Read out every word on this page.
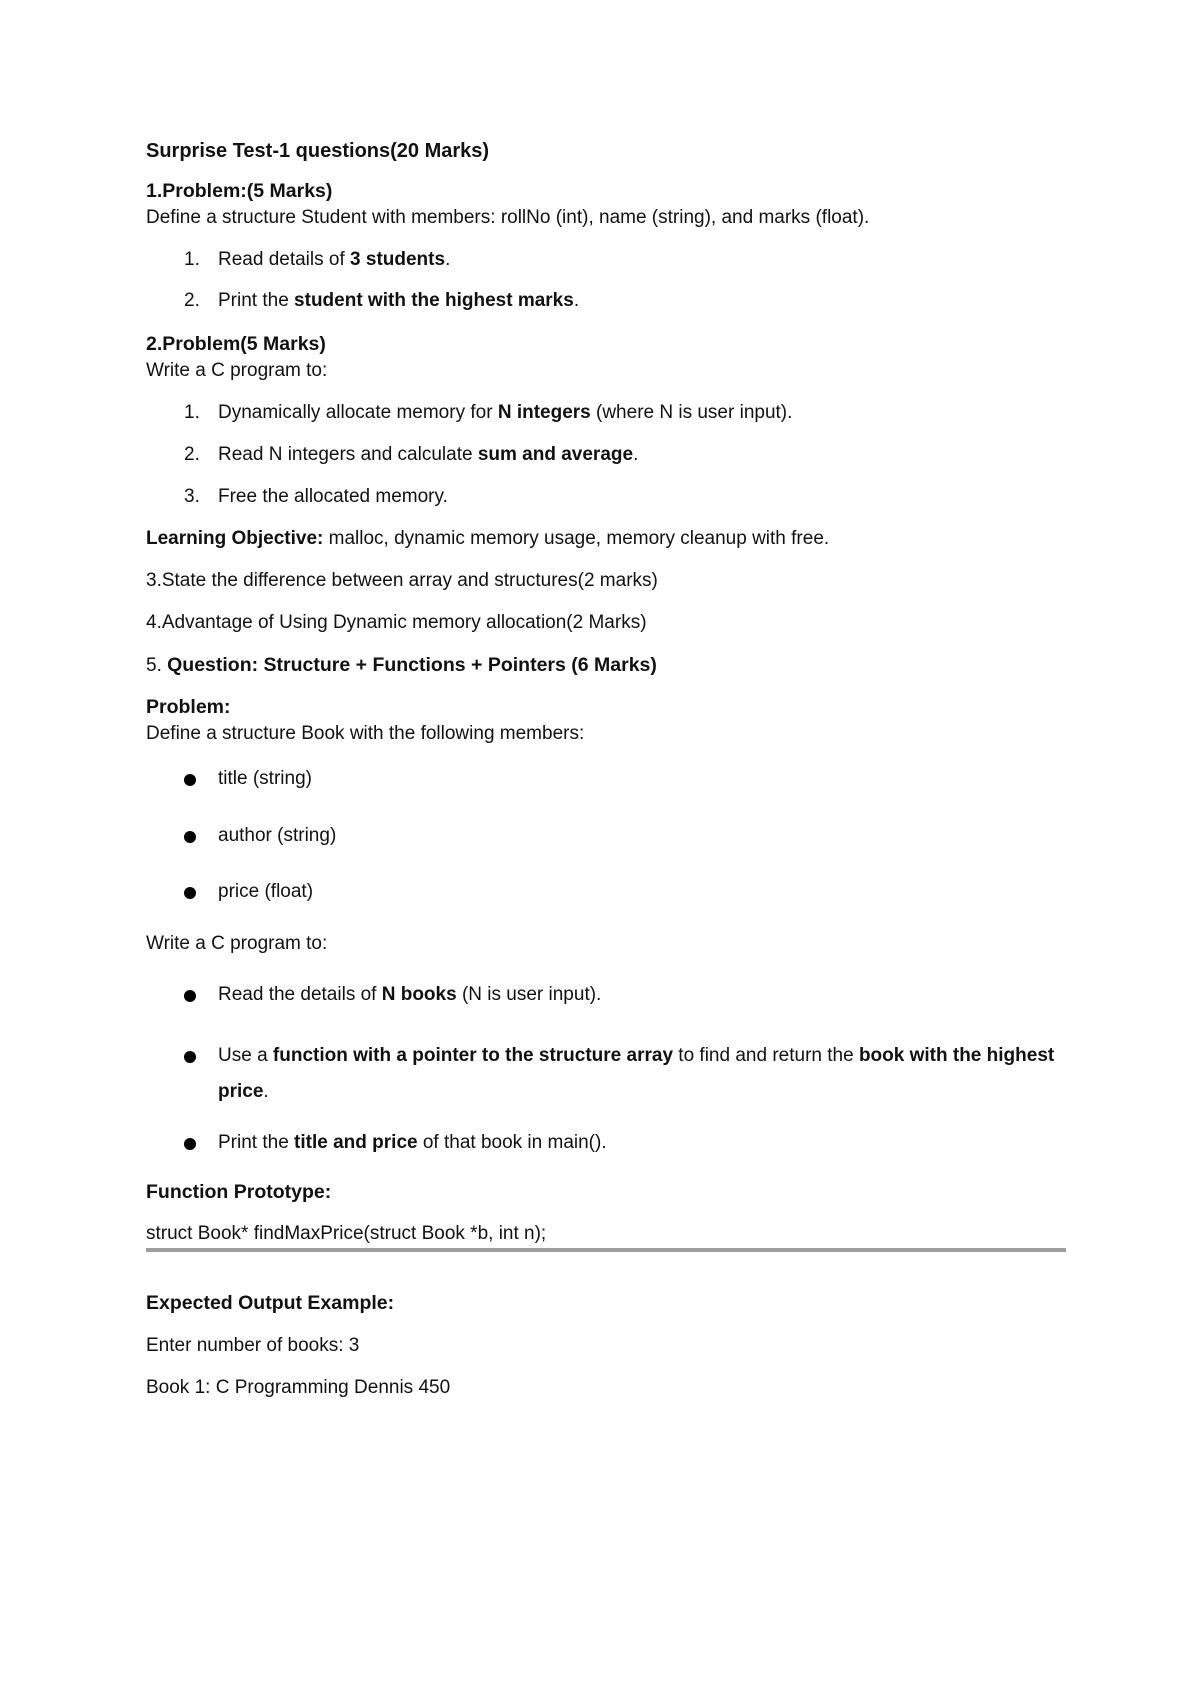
Surprise Test-1 questions(20 Marks)
1.Problem:(5 Marks)
Define a structure Student with members: rollNo (int), name (string), and marks (float).
1. Read details of 3 students.
2. Print the student with the highest marks.
2.Problem(5 Marks)
Write a C program to:
1. Dynamically allocate memory for N integers (where N is user input).
2. Read N integers and calculate sum and average.
3. Free the allocated memory.
Learning Objective: malloc, dynamic memory usage, memory cleanup with free.
3.State the difference between array and structures(2 marks)
4.Advantage of Using Dynamic memory allocation(2 Marks)
5. Question: Structure + Functions + Pointers (6 Marks)
Problem:
Define a structure Book with the following members:
title (string)
author (string)
price (float)
Write a C program to:
Read the details of N books (N is user input).
Use a function with a pointer to the structure array to find and return the book with the highest price.
Print the title and price of that book in main().
Function Prototype:
struct Book* findMaxPrice(struct Book *b, int n);
Expected Output Example:
Enter number of books: 3
Book 1: C Programming Dennis 450
